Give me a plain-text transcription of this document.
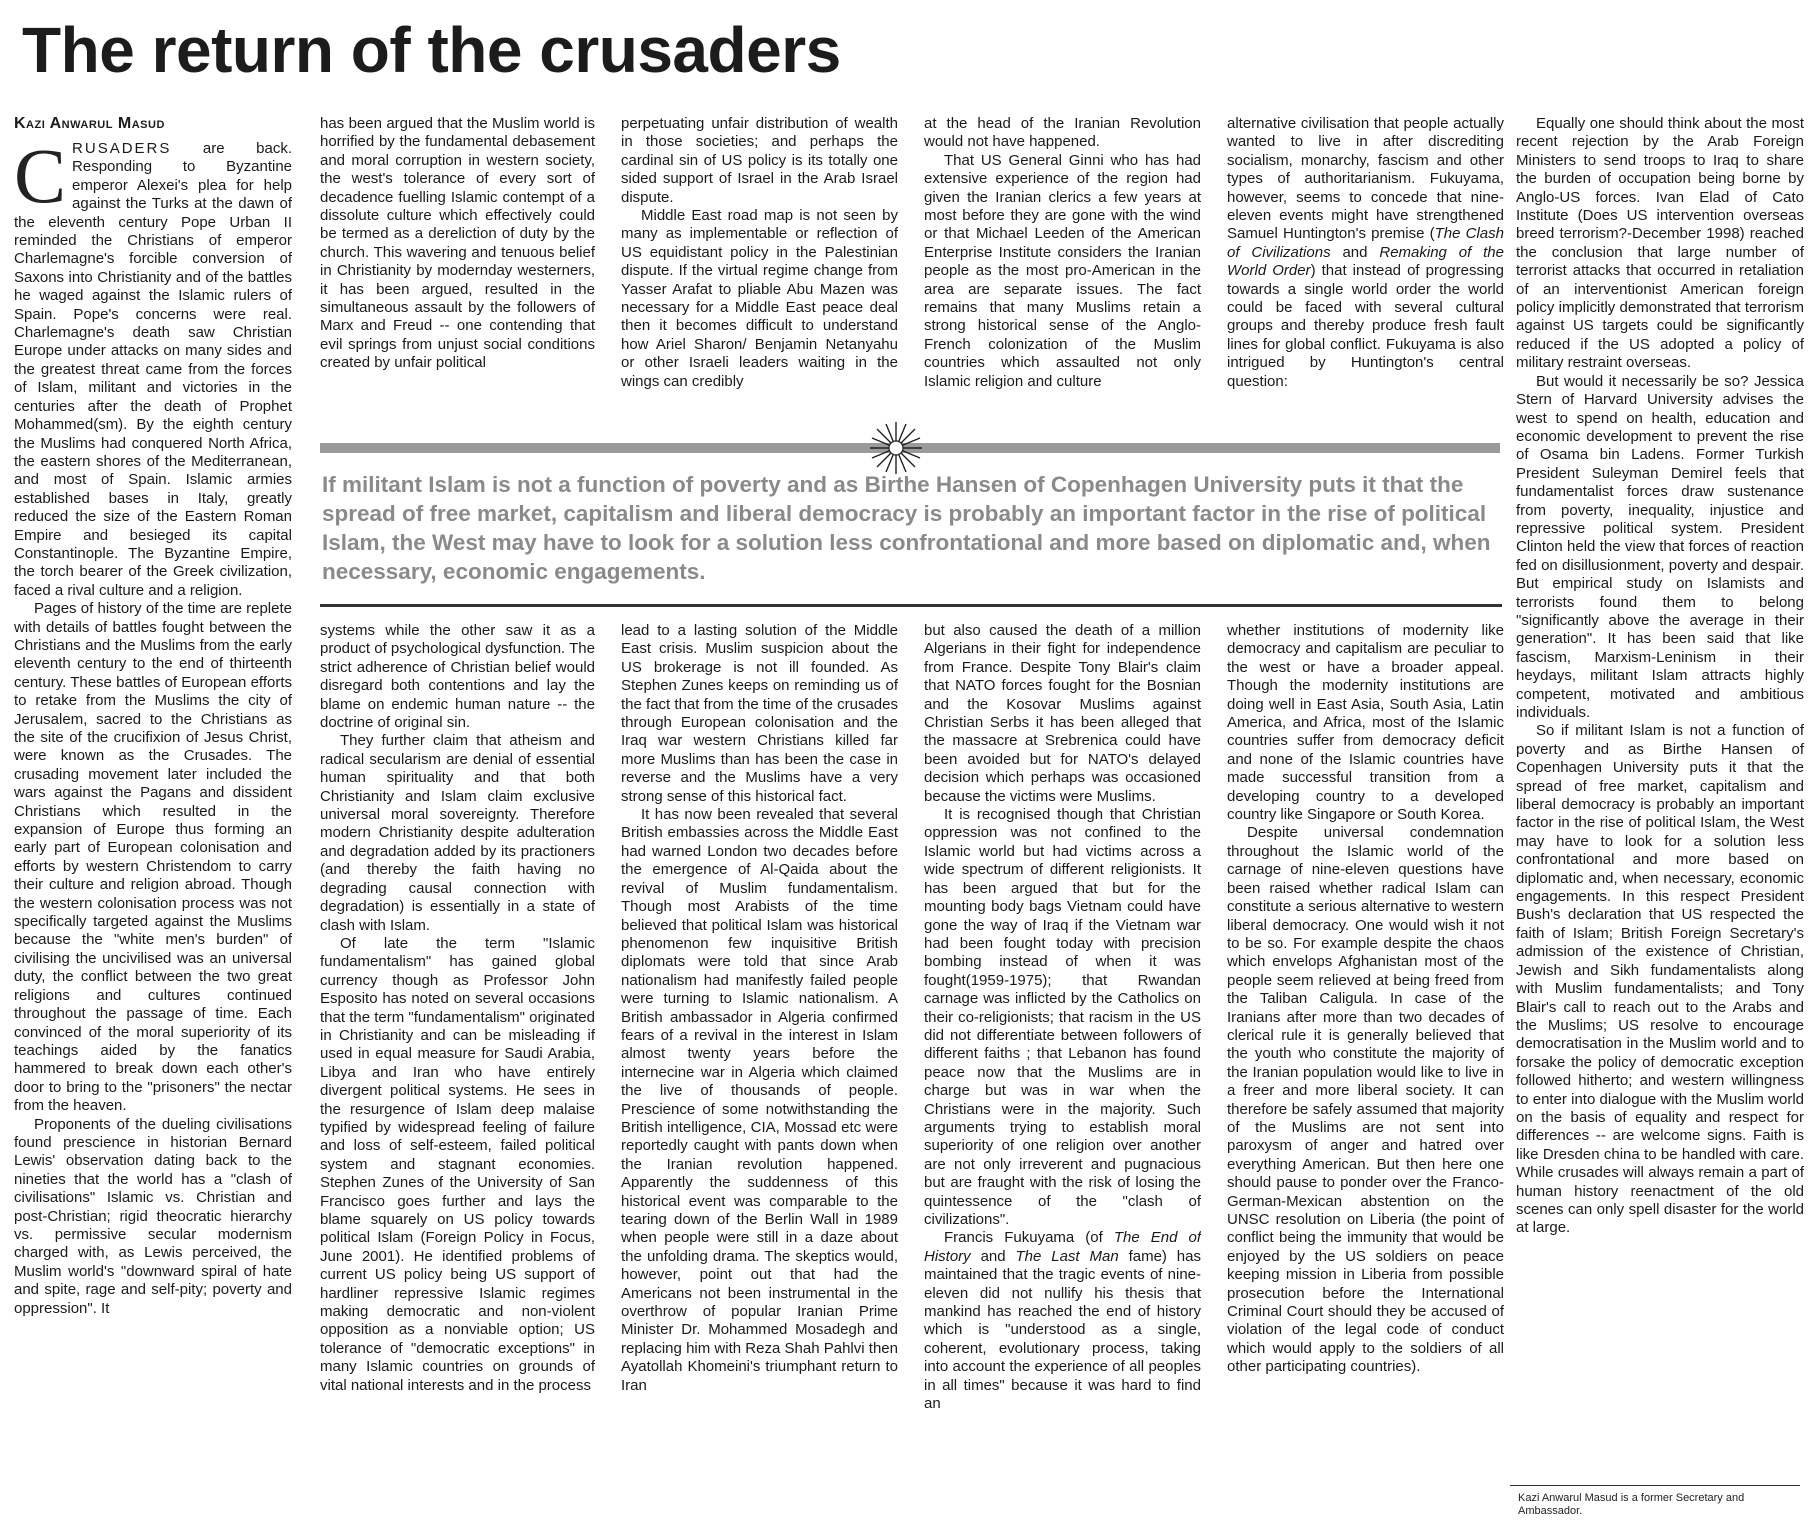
The return of the crusaders
Kazi Anwarul Masud

CRUSADERS are back. Responding to Byzantine emperor Alexei's plea for help against the Turks at the dawn of the eleventh century Pope Urban II reminded the Christians of emperor Charlemagne's forcible conversion of Saxons into Christianity and of the battles he waged against the Islamic rulers of Spain. Pope's concerns were real. Charlemagne's death saw Christian Europe under attacks on many sides and the greatest threat came from the forces of Islam, militant and victories in the centuries after the death of Prophet Mohammed(sm). By the eighth century the Muslims had conquered North Africa, the eastern shores of the Mediterranean, and most of Spain. Islamic armies established bases in Italy, greatly reduced the size of the Eastern Roman Empire and besieged its capital Constantinople. The Byzantine Empire, the torch bearer of the Greek civilization, faced a rival culture and a religion.

Pages of history of the time are replete with details of battles fought between the Christians and the Muslims from the early eleventh century to the end of thirteenth century. These battles of European efforts to retake from the Muslims the city of Jerusalem, sacred to the Christians as the site of the crucifixion of Jesus Christ, were known as the Crusades. The crusading movement later included the wars against the Pagans and dissident Christians which resulted in the expansion of Europe thus forming an early part of European colonisation and efforts by western Christendom to carry their culture and religion abroad. Though the western colonisation process was not specifically targeted against the Muslims because the "white men's burden" of civilising the uncivilised was an universal duty, the conflict between the two great religions and cultures continued throughout the passage of time. Each convinced of the moral superiority of its teachings aided by the fanatics hammered to break down each other's door to bring to the "prisoners" the nectar from the heaven.

Proponents of the dueling civilisations found prescience in historian Bernard Lewis' observation dating back to the nineties that the world has a "clash of civilisations" Islamic vs. Christian and post-Christian; rigid theocratic hierarchy vs. permissive secular modernism charged with, as Lewis perceived, the Muslim world's "downward spiral of hate and spite, rage and self-pity; poverty and oppression". It

has been argued that the Muslim world is horrified by the fundamental debasement and moral corruption in western society, the west's tolerance of every sort of decadence fuelling Islamic contempt of a dissolute culture which effectively could be termed as a dereliction of duty by the church. This wavering and tenuous belief in Christianity by modernday westerners, it has been argued, resulted in the simultaneous assault by the followers of Marx and Freud -- one contending that evil springs from unjust social conditions created by unfair political

perpetuating unfair distribution of wealth in those societies; and perhaps the cardinal sin of US policy is its totally one sided support of Israel in the Arab Israel dispute.

Middle East road map is not seen by many as implementable or reflection of US equidistant policy in the Palestinian dispute. If the virtual regime change from Yasser Arafat to pliable Abu Mazen was necessary for a Middle East peace deal then it becomes difficult to understand how Ariel Sharon/ Benjamin Netanyahu or other Israeli leaders waiting in the wings can credibly

at the head of the Iranian Revolution would not have happened.

That US General Ginni who has had extensive experience of the region had given the Iranian clerics a few years at most before they are gone with the wind or that Michael Leeden of the American Enterprise Institute considers the Iranian people as the most pro-American in the area are separate issues. The fact remains that many Muslims retain a strong historical sense of the Anglo-French colonization of the Muslim countries which assaulted not only Islamic religion and culture

alternative civilisation that people actually wanted to live in after discrediting socialism, monarchy, fascism and other types of authoritarianism. Fukuyama, however, seems to concede that nine-eleven events might have strengthened Samuel Huntington's premise (The Clash of Civilizations and Remaking of the World Order) that instead of progressing towards a single world order the world could be faced with several cultural groups and thereby produce fresh fault lines for global conflict. Fukuyama is also intrigued by Huntington's central question:

Equally one should think about the most recent rejection by the Arab Foreign Ministers to send troops to Iraq to share the burden of occupation being borne by Anglo-US forces. Ivan Elad of Cato Institute (Does US intervention overseas breed terrorism?-December 1998) reached the conclusion that large number of terrorist attacks that occurred in retaliation of an interventionist American foreign policy implicitly demonstrated that terrorism against US targets could be significantly reduced if the US adopted a policy of military restraint overseas.

But would it necessarily be so? Jessica Stern of Harvard University advises the west to spend on health, education and economic development to prevent the rise of Osama bin Ladens. Former Turkish President Suleyman Demirel feels that fundamentalist forces draw sustenance from poverty, inequality, injustice and repressive political system. President Clinton held the view that forces of reaction fed on disillusionment, poverty and despair. But empirical study on Islamists and terrorists found them to belong "significantly above the average in their generation". It has been said that like fascism, Marxism-Leninism in their heydays, militant Islam attracts highly competent, motivated and ambitious individuals.

So if militant Islam is not a function of poverty and as Birthe Hansen of Copenhagen University puts it that the spread of free market, capitalism and liberal democracy is probably an important factor in the rise of political Islam, the West may have to look for a solution less confrontational and more based on diplomatic and, when necessary, economic engagements. In this respect President Bush's declaration that US respected the faith of Islam; British Foreign Secretary's admission of the existence of Christian, Jewish and Sikh fundamentalists along with Muslim fundamentalists; and Tony Blair's call to reach out to the Arabs and the Muslims; US resolve to encourage democratisation in the Muslim world and to forsake the policy of democratic exception followed hitherto; and western willingness to enter into dialogue with the Muslim world on the basis of equality and respect for differences -- are welcome signs. Faith is like Dresden china to be handled with care. While crusades will always remain a part of human history reenactment of the old scenes can only spell disaster for the world at large.

If militant Islam is not a function of poverty and as Birthe Hansen of Copenhagen University puts it that the spread of free market, capitalism and liberal democracy is probably an important factor in the rise of political Islam, the West may have to look for a solution less confrontational and more based on diplomatic and, when necessary, economic engagements.

systems while the other saw it as a product of psychological dysfunction. The strict adherence of Christian belief would disregard both contentions and lay the blame on endemic human nature -- the doctrine of original sin.

They further claim that atheism and radical secularism are denial of essential human spirituality and that both Christianity and Islam claim exclusive universal moral sovereignty. Therefore modern Christianity despite adulteration and degradation added by its practioners (and thereby the faith having no degrading causal connection with degradation) is essentially in a state of clash with Islam.

Of late the term "Islamic fundamentalism" has gained global currency though as Professor John Esposito has noted on several occasions that the term "fundamentalism" originated in Christianity and can be misleading if used in equal measure for Saudi Arabia, Libya and Iran who have entirely divergent political systems. He sees in the resurgence of Islam deep malaise typified by widespread feeling of failure and loss of self-esteem, failed political system and stagnant economies. Stephen Zunes of the University of San Francisco goes further and lays the blame squarely on US policy towards political Islam (Foreign Policy in Focus, June 2001). He identified problems of current US policy being US support of hardliner repressive Islamic regimes making democratic and non-violent opposition as a nonviable option; US tolerance of "democratic exceptions" in many Islamic countries on grounds of vital national interests and in the process

lead to a lasting solution of the Middle East crisis. Muslim suspicion about the US brokerage is not ill founded. As Stephen Zunes keeps on reminding us of the fact that from the time of the crusades through European colonisation and the Iraq war western Christians killed far more Muslims than has been the case in reverse and the Muslims have a very strong sense of this historical fact.

It has now been revealed that several British embassies across the Middle East had warned London two decades before the emergence of Al-Qaida about the revival of Muslim fundamentalism. Though most Arabists of the time believed that political Islam was historical phenomenon few inquisitive British diplomats were told that since Arab nationalism had manifestly failed people were turning to Islamic nationalism. A British ambassador in Algeria confirmed fears of a revival in the interest in Islam almost twenty years before the internecine war in Algeria which claimed the live of thousands of people. Prescience of some notwithstanding the British intelligence, CIA, Mossad etc were reportedly caught with pants down when the Iranian revolution happened. Apparently the suddenness of this historical event was comparable to the tearing down of the Berlin Wall in 1989 when people were still in a daze about the unfolding drama. The skeptics would, however, point out that had the Americans not been instrumental in the overthrow of popular Iranian Prime Minister Dr. Mohammed Mosadegh and replacing him with Reza Shah Pahlvi then Ayatollah Khomeini's triumphant return to Iran

but also caused the death of a million Algerians in their fight for independence from France. Despite Tony Blair's claim that NATO forces fought for the Bosnian and the Kosovar Muslims against Christian Serbs it has been alleged that the massacre at Srebrenica could have been avoided but for NATO's delayed decision which perhaps was occasioned because the victims were Muslims.

It is recognised though that Christian oppression was not confined to the Islamic world but had victims across a wide spectrum of different religionists. It has been argued that but for the mounting body bags Vietnam could have gone the way of Iraq if the Vietnam war had been fought today with precision bombing instead of when it was fought(1959-1975); that Rwandan carnage was inflicted by the Catholics on their co-religionists; that racism in the US did not differentiate between followers of different faiths ; that Lebanon has found peace now that the Muslims are in charge but was in war when the Christians were in the majority. Such arguments trying to establish moral superiority of one religion over another are not only irreverent and pugnacious but are fraught with the risk of losing the quintessence of the "clash of civilizations".

Francis Fukuyama (of The End of History and The Last Man fame) has maintained that the tragic events of nine-eleven did not nullify his thesis that mankind has reached the end of history which is "understood as a single, coherent, evolutionary process, taking into account the experience of all peoples in all times" because it was hard to find an

whether institutions of modernity like democracy and capitalism are peculiar to the west or have a broader appeal. Though the modernity institutions are doing well in East Asia, South Asia, Latin America, and Africa, most of the Islamic countries suffer from democracy deficit and none of the Islamic countries have made successful transition from a developing country to a developed country like Singapore or South Korea.

Despite universal condemnation throughout the Islamic world of the carnage of nine-eleven questions have been raised whether radical Islam can constitute a serious alternative to western liberal democracy. One would wish it not to be so. For example despite the chaos which envelops Afghanistan most of the people seem relieved at being freed from the Taliban Caligula. In case of the Iranians after more than two decades of clerical rule it is generally believed that the youth who constitute the majority of the Iranian population would like to live in a freer and more liberal society. It can therefore be safely assumed that majority of the Muslims are not sent into paroxysm of anger and hatred over everything American. But then here one should pause to ponder over the Franco-German-Mexican abstention on the UNSC resolution on Liberia (the point of conflict being the immunity that would be enjoyed by the US soldiers on peace keeping mission in Liberia from possible prosecution before the International Criminal Court should they be accused of violation of the legal code of conduct which would apply to the soldiers of all other participating countries).

Kazi Anwarul Masud is a former Secretary and Ambassador.
